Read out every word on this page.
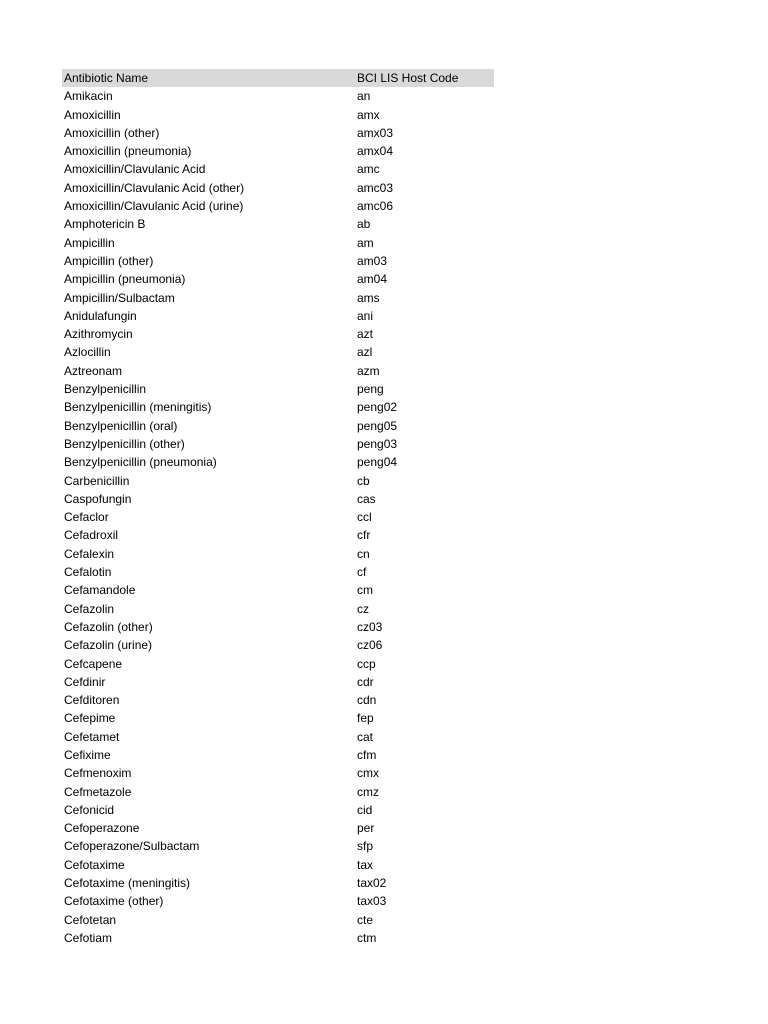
Antibiotic Name	BCI LIS Host Code
Amikacin	an
Amoxicillin	amx
Amoxicillin (other)	amx03
Amoxicillin (pneumonia)	amx04
Amoxicillin/Clavulanic Acid	amc
Amoxicillin/Clavulanic Acid (other)	amc03
Amoxicillin/Clavulanic Acid (urine)	amc06
Amphotericin B	ab
Ampicillin	am
Ampicillin (other)	am03
Ampicillin (pneumonia)	am04
Ampicillin/Sulbactam	ams
Anidulafungin	ani
Azithromycin	azt
Azlocillin	azl
Aztreonam	azm
Benzylpenicillin	peng
Benzylpenicillin (meningitis)	peng02
Benzylpenicillin (oral)	peng05
Benzylpenicillin (other)	peng03
Benzylpenicillin (pneumonia)	peng04
Carbenicillin	cb
Caspofungin	cas
Cefaclor	ccl
Cefadroxil	cfr
Cefalexin	cn
Cefalotin	cf
Cefamandole	cm
Cefazolin	cz
Cefazolin (other)	cz03
Cefazolin (urine)	cz06
Cefcapene	ccp
Cefdinir	cdr
Cefditoren	cdn
Cefepime	fep
Cefetamet	cat
Cefixime	cfm
Cefmenoxim	cmx
Cefmetazole	cmz
Cefonicid	cid
Cefoperazone	per
Cefoperazone/Sulbactam	sfp
Cefotaxime	tax
Cefotaxime (meningitis)	tax02
Cefotaxime (other)	tax03
Cefotetan	cte
Cefotiam	ctm
